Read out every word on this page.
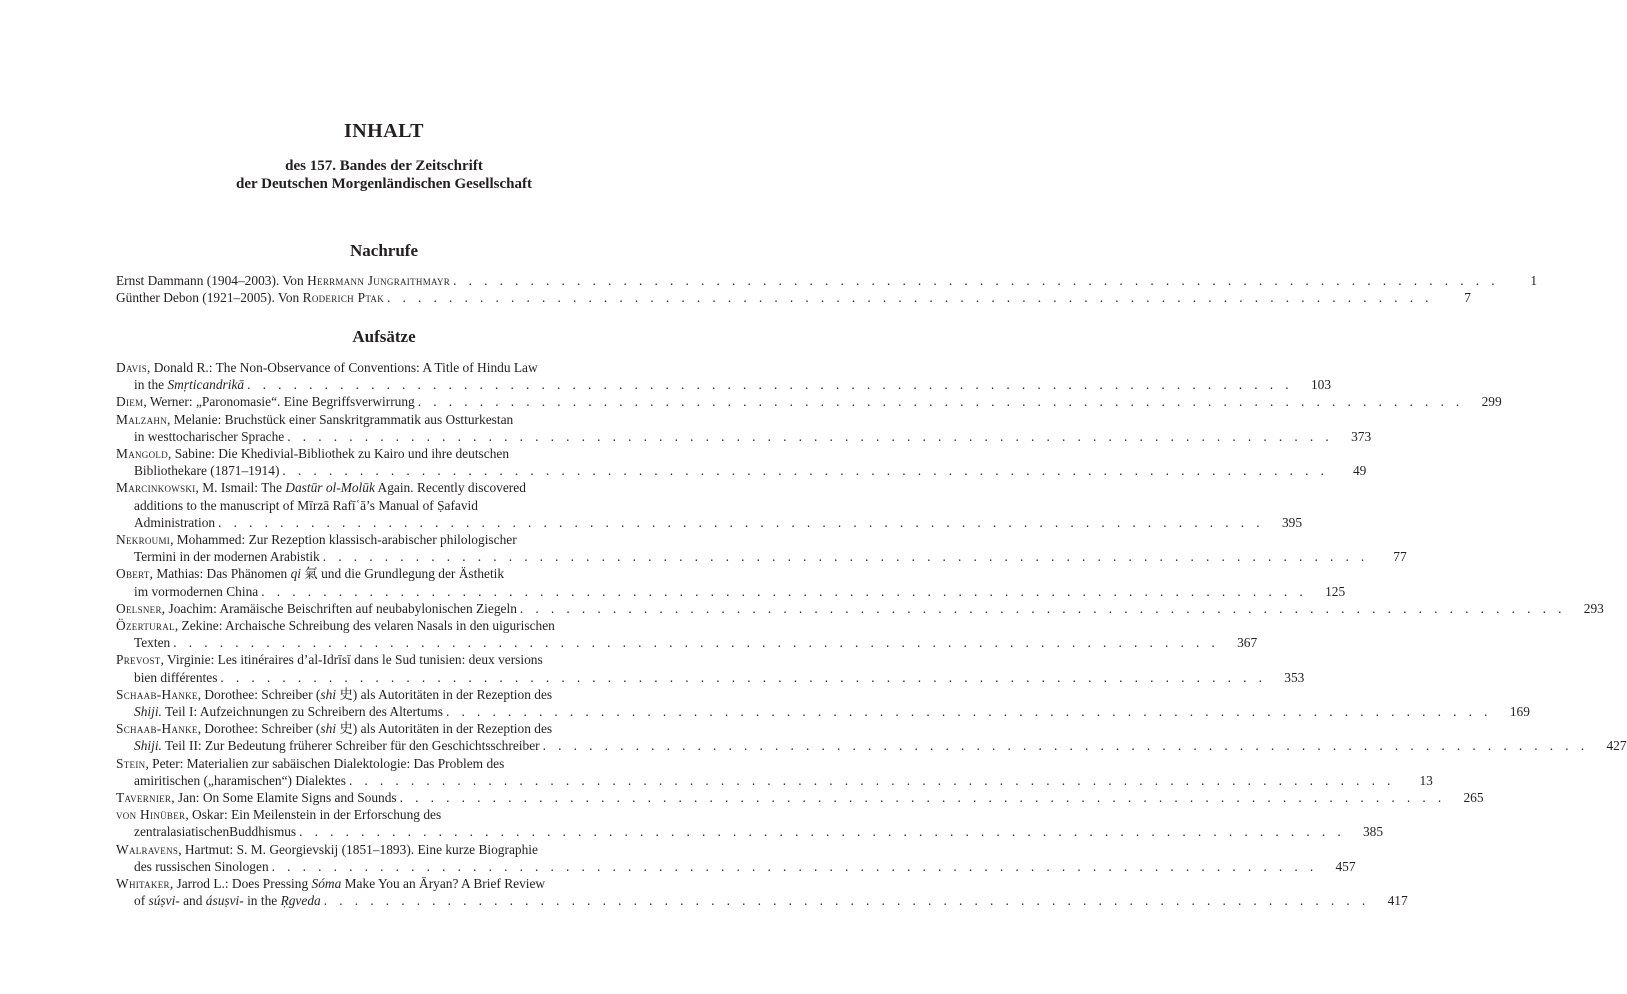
INHALT
des 157. Bandes der Zeitschrift
der Deutschen Morgenländischen Gesellschaft
Nachrufe
Ernst Dammann (1904–2003). Von Herrmann Jungraithmayr . . . . . . . . . . . . . . . . . . . . . . . . . . . . . . . . . . . . . . . . . . . . . . . . . . . . . . . . . . . . . . . . . . . .	1
Günther Debon (1921–2005). Von Roderich Ptak . . . . . . . . . . . . . . . . . . . . . . . . . . . . . . . . . . . . . . . . . . . . . . . . . . . . . . . . . . . . . . . . . . . .	7
Aufsätze
Davis, Donald R.: The Non-Observance of Conventions: A Title of Hindu Law
in the Smṛticandrikā . . . . . . . . . . . . . . . . . . . . . . . . . . . . . . . . . . . . . . . . . . . . . . . . . . . . . . . . . . . . . . . . . . . .	103
Diem, Werner: „Paronomasie“. Eine Begriffsverwirrung . . . . . . . . . . . . . . . . . . . . . . . . . . . . . . . . . . . . . . . . . . . . . . . . . . . . . . . . . . . . . . . . . . . .	299
Malzahn, Melanie: Bruchstück einer Sanskritgrammatik aus Ostturkestan
in westtocharischer Sprache . . . . . . . . . . . . . . . . . . . . . . . . . . . . . . . . . . . . . . . . . . . . . . . . . . . . . . . . . . . . . . . . . . . .	373
Mangold, Sabine: Die Khedivial-Bibliothek zu Kairo und ihre deutschen
Bibliothekare (1871–1914) . . . . . . . . . . . . . . . . . . . . . . . . . . . . . . . . . . . . . . . . . . . . . . . . . . . . . . . . . . . . . . . . . . . .	49
Marcinkowski, M. Ismail: The Dastūr ol-Molūk Again. Recently discovered
additions to the manuscript of Mīrzā Rafīʿā’s Manual of Ṣafavid
Administration . . . . . . . . . . . . . . . . . . . . . . . . . . . . . . . . . . . . . . . . . . . . . . . . . . . . . . . . . . . . . . . . . . . .	395
Nekroumi, Mohammed: Zur Rezeption klassisch-arabischer philologischer
Termini in der modernen Arabistik . . . . . . . . . . . . . . . . . . . . . . . . . . . . . . . . . . . . . . . . . . . . . . . . . . . . . . . . . . . . . . . . . . . .	77
Obert, Mathias: Das Phänomen qi 氣 und die Grundlegung der Ästhetik
im vormodernen China . . . . . . . . . . . . . . . . . . . . . . . . . . . . . . . . . . . . . . . . . . . . . . . . . . . . . . . . . . . . . . . . . . . .	125
Oelsner, Joachim: Aramäische Beischriften auf neubabylonischen Ziegeln . . . . . . . . . . . . . . . . . . . . . . . . . . . . . . . . . . . . . . . . . . . . . . . . . . . . . . . . . . . . . . . . . . . .	293
Özertural, Zekine: Archaische Schreibung des velaren Nasals in den uigurischen
Texten . . . . . . . . . . . . . . . . . . . . . . . . . . . . . . . . . . . . . . . . . . . . . . . . . . . . . . . . . . . . . . . . . . . .	367
Prevost, Virginie: Les itinéraires d’al-Idrīsī dans le Sud tunisien: deux versions
bien différentes . . . . . . . . . . . . . . . . . . . . . . . . . . . . . . . . . . . . . . . . . . . . . . . . . . . . . . . . . . . . . . . . . . . .	353
Schaab-Hanke, Dorothee: Schreiber (shi 史) als Autoritäten in der Rezeption des
Shiji. Teil I: Aufzeichnungen zu Schreibern des Altertums . . . . . . . . . . . . . . . . . . . . . . . . . . . . . . . . . . . . . . . . . . . . . . . . . . . . . . . . . . . . . . . . . . . .	169
Schaab-Hanke, Dorothee: Schreiber (shi 史) als Autoritäten in der Rezeption des
Shiji. Teil II: Zur Bedeutung früherer Schreiber für den Geschichtsschreiber . . . . . . . . . . . . . . . . . . . . . . . . . . . . . . . . . . . . . . . . . . . . . . . . . . . . . . . . . . . . . . . . . . . .	427
Stein, Peter: Materialien zur sabäischen Dialektologie: Das Problem des
amiritischen („haramischen“) Dialektes . . . . . . . . . . . . . . . . . . . . . . . . . . . . . . . . . . . . . . . . . . . . . . . . . . . . . . . . . . . . . . . . . . . .	13
Tavernier, Jan: On Some Elamite Signs and Sounds . . . . . . . . . . . . . . . . . . . . . . . . . . . . . . . . . . . . . . . . . . . . . . . . . . . . . . . . . . . . . . . . . . . .	265
von Hinüber, Oskar: Ein Meilenstein in der Erforschung des
zentralasiatischenBuddhismus . . . . . . . . . . . . . . . . . . . . . . . . . . . . . . . . . . . . . . . . . . . . . . . . . . . . . . . . . . . . . . . . . . . .	385
Walravens, Hartmut: S. M. Georgievskij (1851–1893). Eine kurze Biographie
des russischen Sinologen . . . . . . . . . . . . . . . . . . . . . . . . . . . . . . . . . . . . . . . . . . . . . . . . . . . . . . . . . . . . . . . . . . . .	457
Whitaker, Jarrod L.: Does Pressing Sóma Make You an Āryan? A Brief Review
of súṣvi- and ásuṣvi- in the Ṛgveda . . . . . . . . . . . . . . . . . . . . . . . . . . . . . . . . . . . . . . . . . . . . . . . . . . . . . . . . . . . . . . . . . . . .	417
